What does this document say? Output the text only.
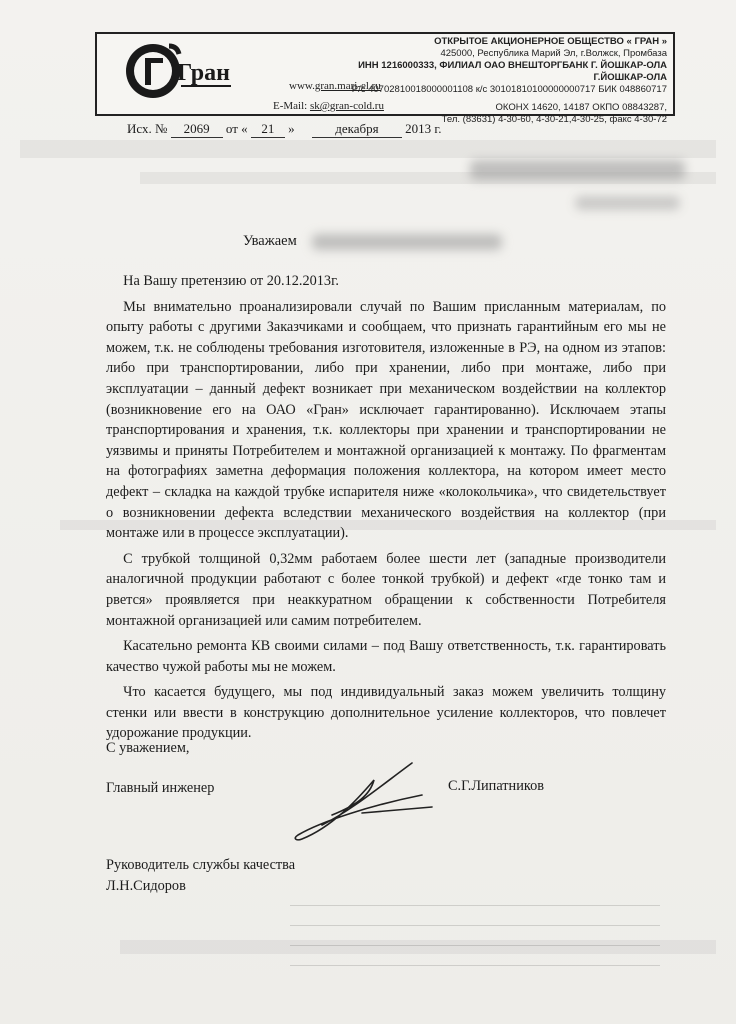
Гран
ОТКРЫТОЕ АКЦИОНЕРНОЕ ОБЩЕСТВО « ГРАН »
425000, Республика Марий Эл, г.Волжск, Промбаза
ИНН 1216000333, ФИЛИАЛ ОАО ВНЕШТОРГБАНК Г. ЙОШКАР-ОЛА Г.ЙОШКАР-ОЛА
Р/с 40702810018000001108 к/с 30101810100000000717 БИК 048860717
ОКОНХ 14620, 14187 ОКПО 08843287,
Тел. (83631) 4-30-60, 4-30-21,4-30-25, факс 4-30-72
www.gran.mari-el.ru
E-Mail: sk@gran-cold.ru
Исх. № 2069 от « 21 »	декабря 2013 г.
Уважаем

На Вашу претензию от 20.12.2013г.

Мы внимательно проанализировали случай по Вашим присланным материалам, по опыту работы с другими Заказчиками и сообщаем, что признать гарантийным его мы не можем, т.к. не соблюдены требования изготовителя, изложенные в РЭ, на одном из этапов: либо при транспортировании, либо при хранении, либо при монтаже, либо при эксплуатации – данный дефект возникает при механическом воздействии на коллектор (возникновение его на ОАО «Гран» исключает гарантированно). Исключаем этапы транспортирования и хранения, т.к. коллекторы при хранении и транспортировании не уязвимы и приняты Потребителем и монтажной организацией к монтажу. По фрагментам на фотографиях заметна деформация положения коллектора, на котором имеет место дефект – складка на каждой трубке испарителя ниже «колокольчика», что свидетельствует о возникновении дефекта вследствии механического воздействия на коллектор (при монтаже или в процессе эксплуатации).

С трубкой толщиной 0,32мм работаем более шести лет (западные производители аналогичной продукции работают с более тонкой трубкой) и дефект «где тонко там и рвется» проявляется при неаккуратном обращении к собственности Потребителя монтажной организацией или самим потребителем.

Касательно ремонта КВ своими силами – под Вашу ответственность, т.к. гарантировать качество чужой работы мы не можем.

Что касается будущего, мы под индивидуальный заказ можем увеличить толщину стенки или ввести в конструкцию дополнительное усиление коллекторов, что повлечет удорожание продукции.

С уважением,
Главный инженер	С.Г.Липатников
Руководитель службы качества
Л.Н.Сидоров
